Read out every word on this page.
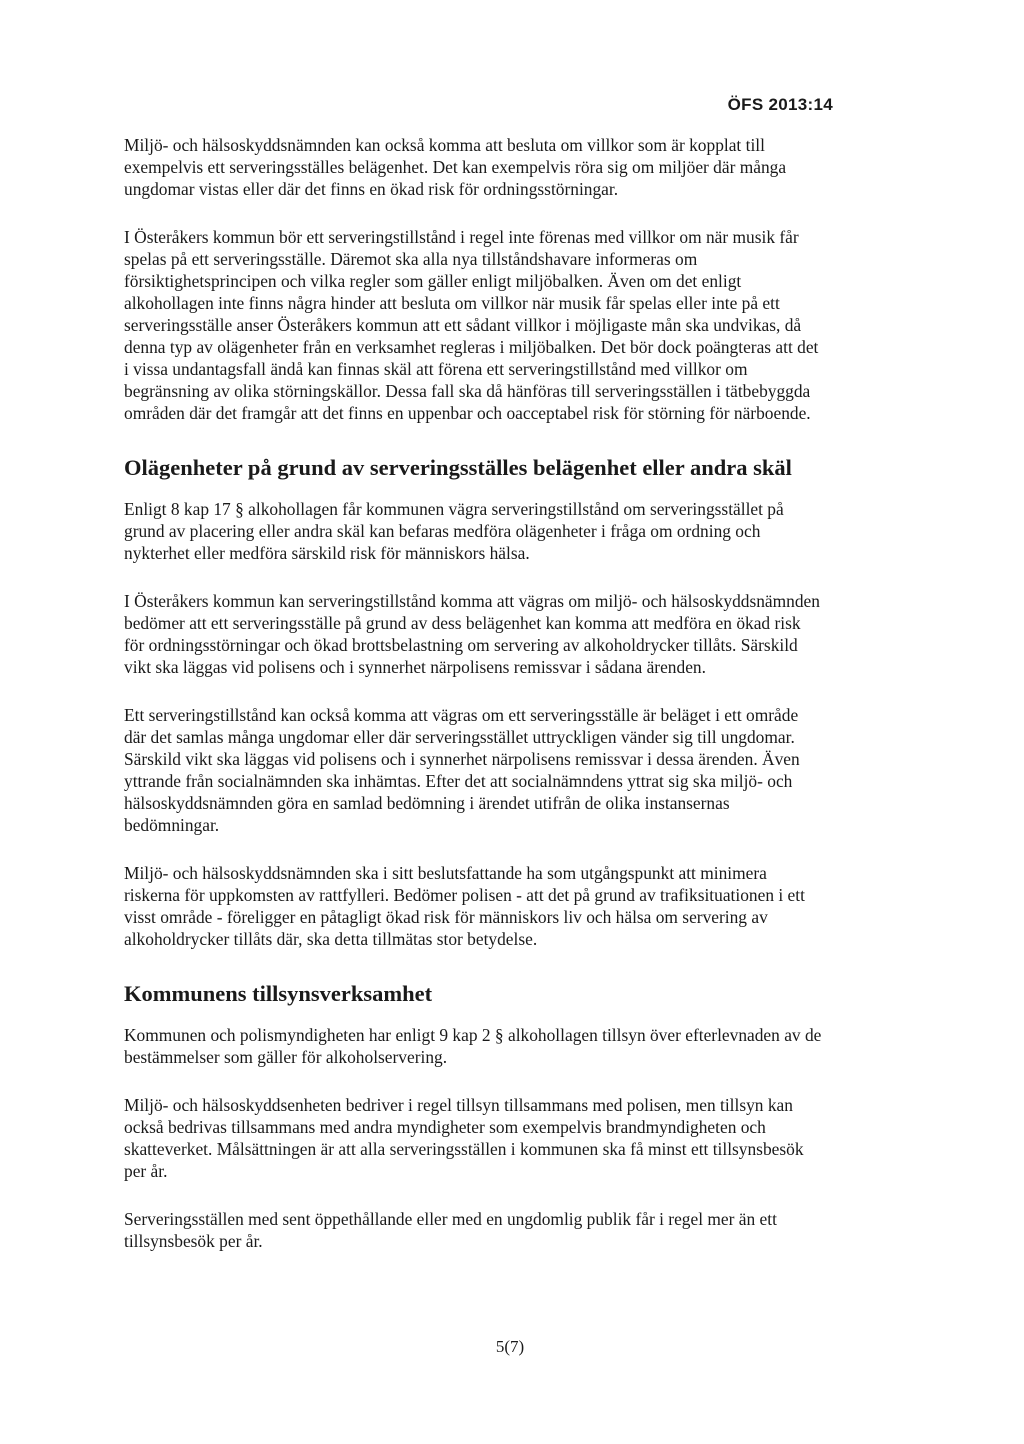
ÖFS 2013:14

Miljö- och hälsoskyddsnämnden kan också komma att besluta om villkor som är kopplat till exempelvis ett serveringsställes belägenhet. Det kan exempelvis röra sig om miljöer där många ungdomar vistas eller där det finns en ökad risk för ordningsstörningar.

I Österåkers kommun bör ett serveringstillstånd i regel inte förenas med villkor om när musik får spelas på ett serveringsställe. Däremot ska alla nya tillståndshavare informeras om försiktighetsprincipen och vilka regler som gäller enligt miljöbalken. Även om det enligt alkohollagen inte finns några hinder att besluta om villkor när musik får spelas eller inte på ett serveringsställe anser Österåkers kommun att ett sådant villkor i möjligaste mån ska undvikas, då denna typ av olägenheter från en verksamhet regleras i miljöbalken. Det bör dock poängteras att det i vissa undantagsfall ändå kan finnas skäl att förena ett serveringstillstånd med villkor om begränsning av olika störningskällor. Dessa fall ska då hänföras till serveringsställen i tätbebyggda områden där det framgår att det finns en uppenbar och oacceptabel risk för störning för närboende.

Olägenheter på grund av serveringsställes belägenhet eller andra skäl

Enligt 8 kap 17 § alkohollagen får kommunen vägra serveringstillstånd om serveringsstället på grund av placering eller andra skäl kan befaras medföra olägenheter i fråga om ordning och nykterhet eller medföra särskild risk för människors hälsa.

I Österåkers kommun kan serveringstillstånd komma att vägras om miljö- och hälsoskyddsnämnden bedömer att ett serveringsställe på grund av dess belägenhet kan komma att medföra en ökad risk för ordningsstörningar och ökad brottsbelastning om servering av alkoholdrycker tillåts. Särskild vikt ska läggas vid polisens och i synnerhet närpolisens remissvar i sådana ärenden.

Ett serveringstillstånd kan också komma att vägras om ett serveringsställe är beläget i ett område där det samlas många ungdomar eller där serveringsstället uttryckligen vänder sig till ungdomar. Särskild vikt ska läggas vid polisens och i synnerhet närpolisens remissvar i dessa ärenden. Även yttrande från socialnämnden ska inhämtas. Efter det att socialnämndens yttrat sig ska miljö- och hälsoskyddsnämnden göra en samlad bedömning i ärendet utifrån de olika instansernas bedömningar.

Miljö- och hälsoskyddsnämnden ska i sitt beslutsfattande ha som utgångspunkt att minimera riskerna för uppkomsten av rattfylleri. Bedömer polisen - att det på grund av trafiksituationen i ett visst område - föreligger en påtagligt ökad risk för människors liv och hälsa om servering av alkoholdrycker tillåts där, ska detta tillmätas stor betydelse.

Kommunens tillsynsverksamhet

Kommunen och polismyndigheten har enligt 9 kap 2 § alkohollagen tillsyn över efterlevnaden av de bestämmelser som gäller för alkoholservering.

Miljö- och hälsoskyddsenheten bedriver i regel tillsyn tillsammans med polisen, men tillsyn kan också bedrivas tillsammans med andra myndigheter som exempelvis brandmyndigheten och skatteverket. Målsättningen är att alla serveringsställen i kommunen ska få minst ett tillsynsbesök per år.

Serveringsställen med sent öppethållande eller med en ungdomlig publik får i regel mer än ett tillsynsbesök per år.

5(7)
